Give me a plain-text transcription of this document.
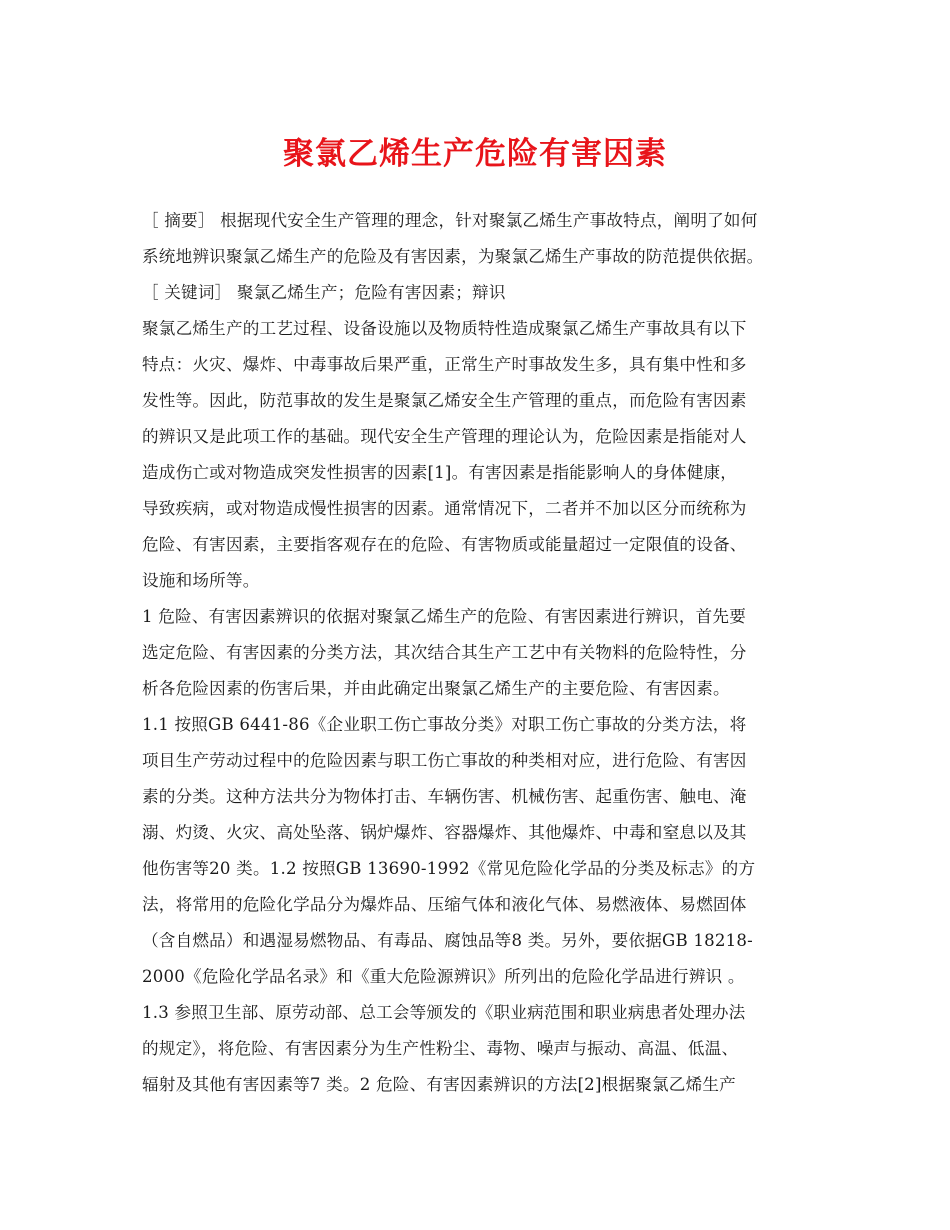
聚氯乙烯生产危险有害因素
［ 摘要］ 根据现代安全生产管理的理念，针对聚氯乙烯生产事故特点，阐明了如何
系统地辨识聚氯乙烯生产的危险及有害因素，为聚氯乙烯生产事故的防范提供依据。
［ 关键词］ 聚氯乙烯生产；危险有害因素；辩识
聚氯乙烯生产的工艺过程、设备设施以及物质特性造成聚氯乙烯生产事故具有以下
特点：火灾、爆炸、中毒事故后果严重，正常生产时事故发生多，具有集中性和多
发性等。因此，防范事故的发生是聚氯乙烯安全生产管理的重点，而危险有害因素
的辨识又是此项工作的基础。现代安全生产管理的理论认为，危险因素是指能对人
造成伤亡或对物造成突发性损害的因素[1]。有害因素是指能影响人的身体健康，
导致疾病，或对物造成慢性损害的因素。通常情况下，二者并不加以区分而统称为
危险、有害因素，主要指客观存在的危险、有害物质或能量超过一定限值的设备、
设施和场所等。
1 危险、有害因素辨识的依据对聚氯乙烯生产的危险、有害因素进行辨识，首先要
选定危险、有害因素的分类方法，其次结合其生产工艺中有关物料的危险特性，分
析各危险因素的伤害后果，并由此确定出聚氯乙烯生产的主要危险、有害因素。
1.1 按照GB 6441-86《企业职工伤亡事故分类》对职工伤亡事故的分类方法，将
项目生产劳动过程中的危险因素与职工伤亡事故的种类相对应，进行危险、有害因
素的分类。这种方法共分为物体打击、车辆伤害、机械伤害、起重伤害、触电、淹
溺、灼烫、火灾、高处坠落、锅炉爆炸、容器爆炸、其他爆炸、中毒和窒息以及其
他伤害等20 类。1.2 按照GB 13690-1992《常见危险化学品的分类及标志》的方
法，将常用的危险化学品分为爆炸品、压缩气体和液化气体、易燃液体、易燃固体
（含自燃品）和遇湿易燃物品、有毒品、腐蚀品等8 类。另外，要依据GB 18218-
2000《危险化学品名录》和《重大危险源辨识》所列出的危险化学品进行辨识 。
1.3 参照卫生部、原劳动部、总工会等颁发的《职业病范围和职业病患者处理办法
的规定》，将危险、有害因素分为生产性粉尘、毒物、噪声与振动、高温、低温、
辐射及其他有害因素等7 类。2 危险、有害因素辨识的方法[2]根据聚氯乙烯生产
